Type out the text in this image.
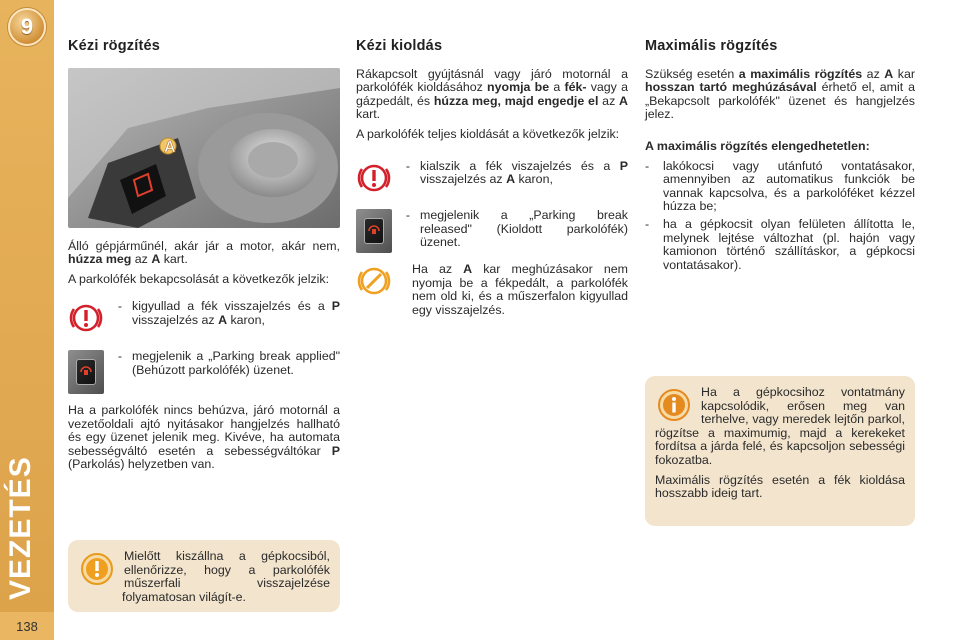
9
VEZETÉS
138
Kézi rögzítés
A

Álló gépjárműnél, akár jár a motor, akár nem, húzza meg az A kart.

A parkolófék bekapcsolását a következők jelzik:

- kigyullad a fék visszajelzés és a P visszajelzés az A karon,
- megjelenik a „Parking break applied" (Behúzott parkolófék) üzenet.

Ha a parkolófék nincs behúzva, járó motornál a vezetőoldali ajtó nyitásakor hangjelzés hallható és egy üzenet jelenik meg. Kivéve, ha automata sebességváltó esetén a sebességváltókar P (Parkolás) helyzetben van.

Mielőtt kiszállna a gépkocsiból, ellenőrizze, hogy a parkolófék műszerfali visszajelzése folyamatosan világít-e.
Kézi kioldás

Rákapcsolt gyújtásnál vagy járó motornál a parkolófék kioldásához nyomja be a fék- vagy a gázpedált, és húzza meg, majd engedje el az A kart.

A parkolófék teljes kioldását a következők jelzik:

- kialszik a fék viszajelzés és a P visszajelzés az A karon,
- megjelenik a „Parking break released" (Kioldott parkolófék) üzenet.
Ha az A kar meghúzásakor nem nyomja be a fékpedált, a parkolófék nem old ki, és a műszerfalon kigyullad egy visszajelzés.
Maximális rögzítés

Szükség esetén a maximális rögzítés az A kar hosszan tartó meghúzásával érhető el, amit a „Bekapcsolt parkolófék" üzenet és hangjelzés jelez.

A maximális rögzítés elengedhetetlen:

-	lakókocsi vagy utánfutó vontatásakor, amennyiben az automatikus funkciók be vannak kapcsolva, és a parkolóféket kézzel húzza be;
-	ha a gépkocsit olyan felületen állította le, melynek lejtése változhat (pl. hajón vagy kamionon történő szállításkor, a gépkocsi vontatásakor).

Ha a gépkocsihoz vontatmány kapcsolódik, erősen meg van terhelve, vagy meredek lejtőn parkol, rögzítse a maximumig, majd a kerekeket fordítsa a járda felé, és kapcsoljon sebességi fokozatba.

Maximális rögzítés esetén a fék kioldása hosszabb ideig tart.
